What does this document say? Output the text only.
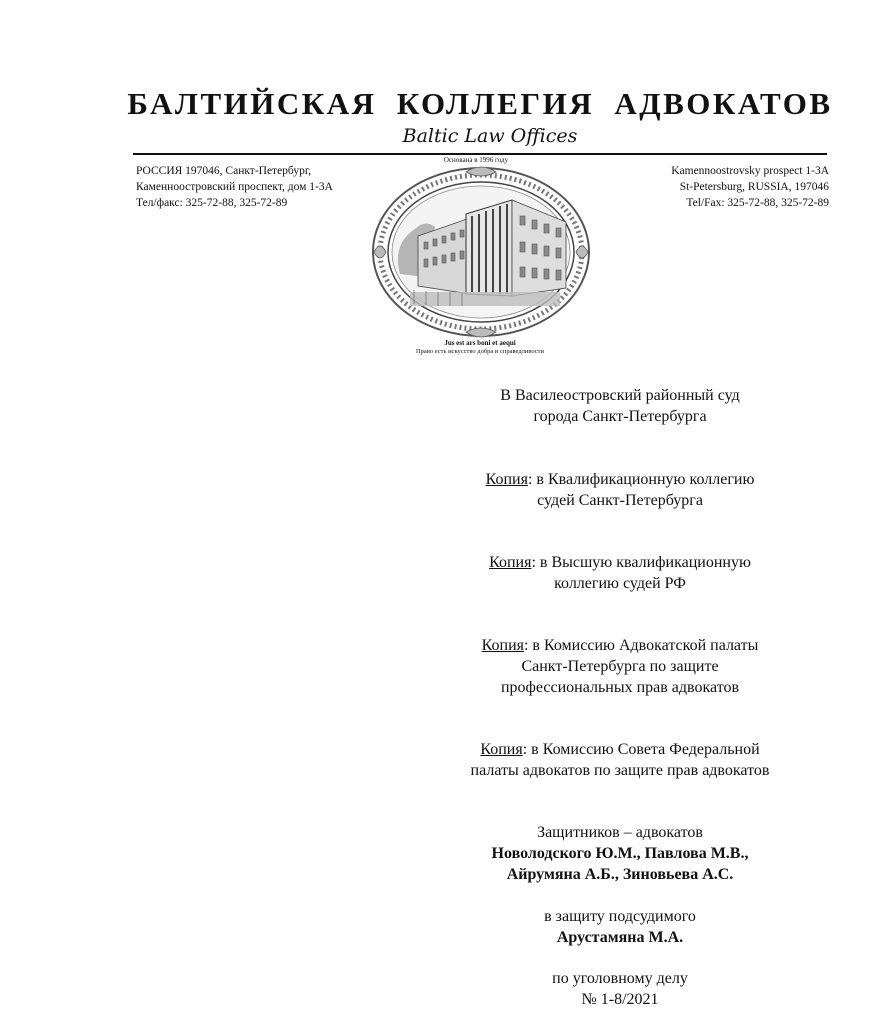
БАЛТИЙСКАЯ КОЛЛЕГИЯ АДВОКАТОВ
Baltic Law Offices
РОССИЯ 197046, Санкт-Петербург,
Каменноостровский проспект, дом 1-3А
Тел/факс: 325-72-88, 325-72-89
Kamennoostrovsky prospect 1-3A
St-Petersburg, RUSSIA, 197046
Tel/Fax: 325-72-88, 325-72-89
Основана в 1996 году
Jus est ars boni et aequi
Право есть искусство добра и справедливости
В Василеостровский районный суд
города Санкт-Петербурга
Копия: в Квалификационную коллегию
судей Санкт-Петербурга
Копия: в Высшую квалификационную
коллегию судей РФ
Копия: в Комиссию Адвокатской палаты
Санкт-Петербурга по защите
профессиональных прав адвокатов
Копия: в Комиссию Совета Федеральной
палаты адвокатов по защите прав адвокатов
Защитников – адвокатов
Новолодского Ю.М., Павлова М.В.,
Айрумяна А.Б., Зиновьева А.С.
в защиту подсудимого
Арустамяна М.А.
по уголовному делу
№ 1-8/2021
